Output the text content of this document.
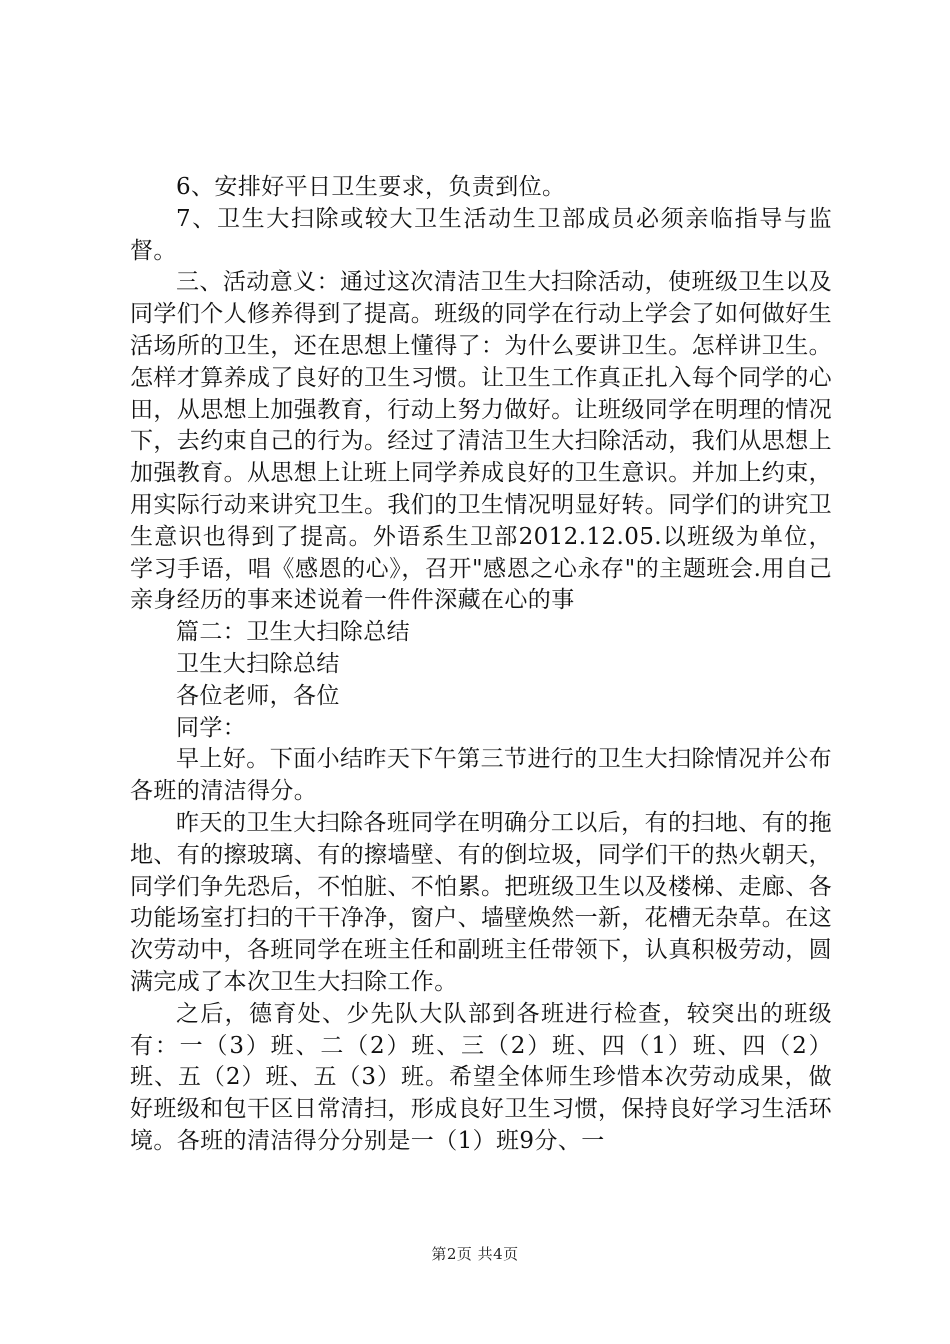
6、安排好平日卫生要求，负责到位。

7、卫生大扫除或较大卫生活动生卫部成员必须亲临指导与监督。

三、活动意义：通过这次清洁卫生大扫除活动，使班级卫生以及同学们个人修养得到了提高。班级的同学在行动上学会了如何做好生活场所的卫生，还在思想上懂得了：为什么要讲卫生。怎样讲卫生。怎样才算养成了良好的卫生习惯。让卫生工作真正扎入每个同学的心田，从思想上加强教育，行动上努力做好。让班级同学在明理的情况下，去约束自己的行为。经过了清洁卫生大扫除活动，我们从思想上加强教育。从思想上让班上同学养成良好的卫生意识。并加上约束，用实际行动来讲究卫生。我们的卫生情况明显好转。同学们的讲究卫生意识也得到了提高。外语系生卫部2012.12.05.以班级为单位，学习手语，唱《感恩的心》，召开"感恩之心永存"的主题班会.用自己亲身经历的事来述说着一件件深藏在心的事

篇二：卫生大扫除总结

卫生大扫除总结

各位老师，各位

同学：

早上好。下面小结昨天下午第三节进行的卫生大扫除情况并公布各班的清洁得分。

昨天的卫生大扫除各班同学在明确分工以后，有的扫地、有的拖地、有的擦玻璃、有的擦墙壁、有的倒垃圾，同学们干的热火朝天，同学们争先恐后，不怕脏、不怕累。把班级卫生以及楼梯、走廊、各功能场室打扫的干干净净，窗户、墙壁焕然一新，花槽无杂草。在这次劳动中，各班同学在班主任和副班主任带领下，认真积极劳动，圆满完成了本次卫生大扫除工作。

之后，德育处、少先队大队部到各班进行检查，较突出的班级有：一（3）班、二（2）班、三（2）班、四（1）班、四（2）班、五（2）班、五（3）班。希望全体师生珍惜本次劳动成果，做好班级和包干区日常清扫，形成良好卫生习惯，保持良好学习生活环境。各班的清洁得分分别是一（1）班9分、一

第2页 共4页
